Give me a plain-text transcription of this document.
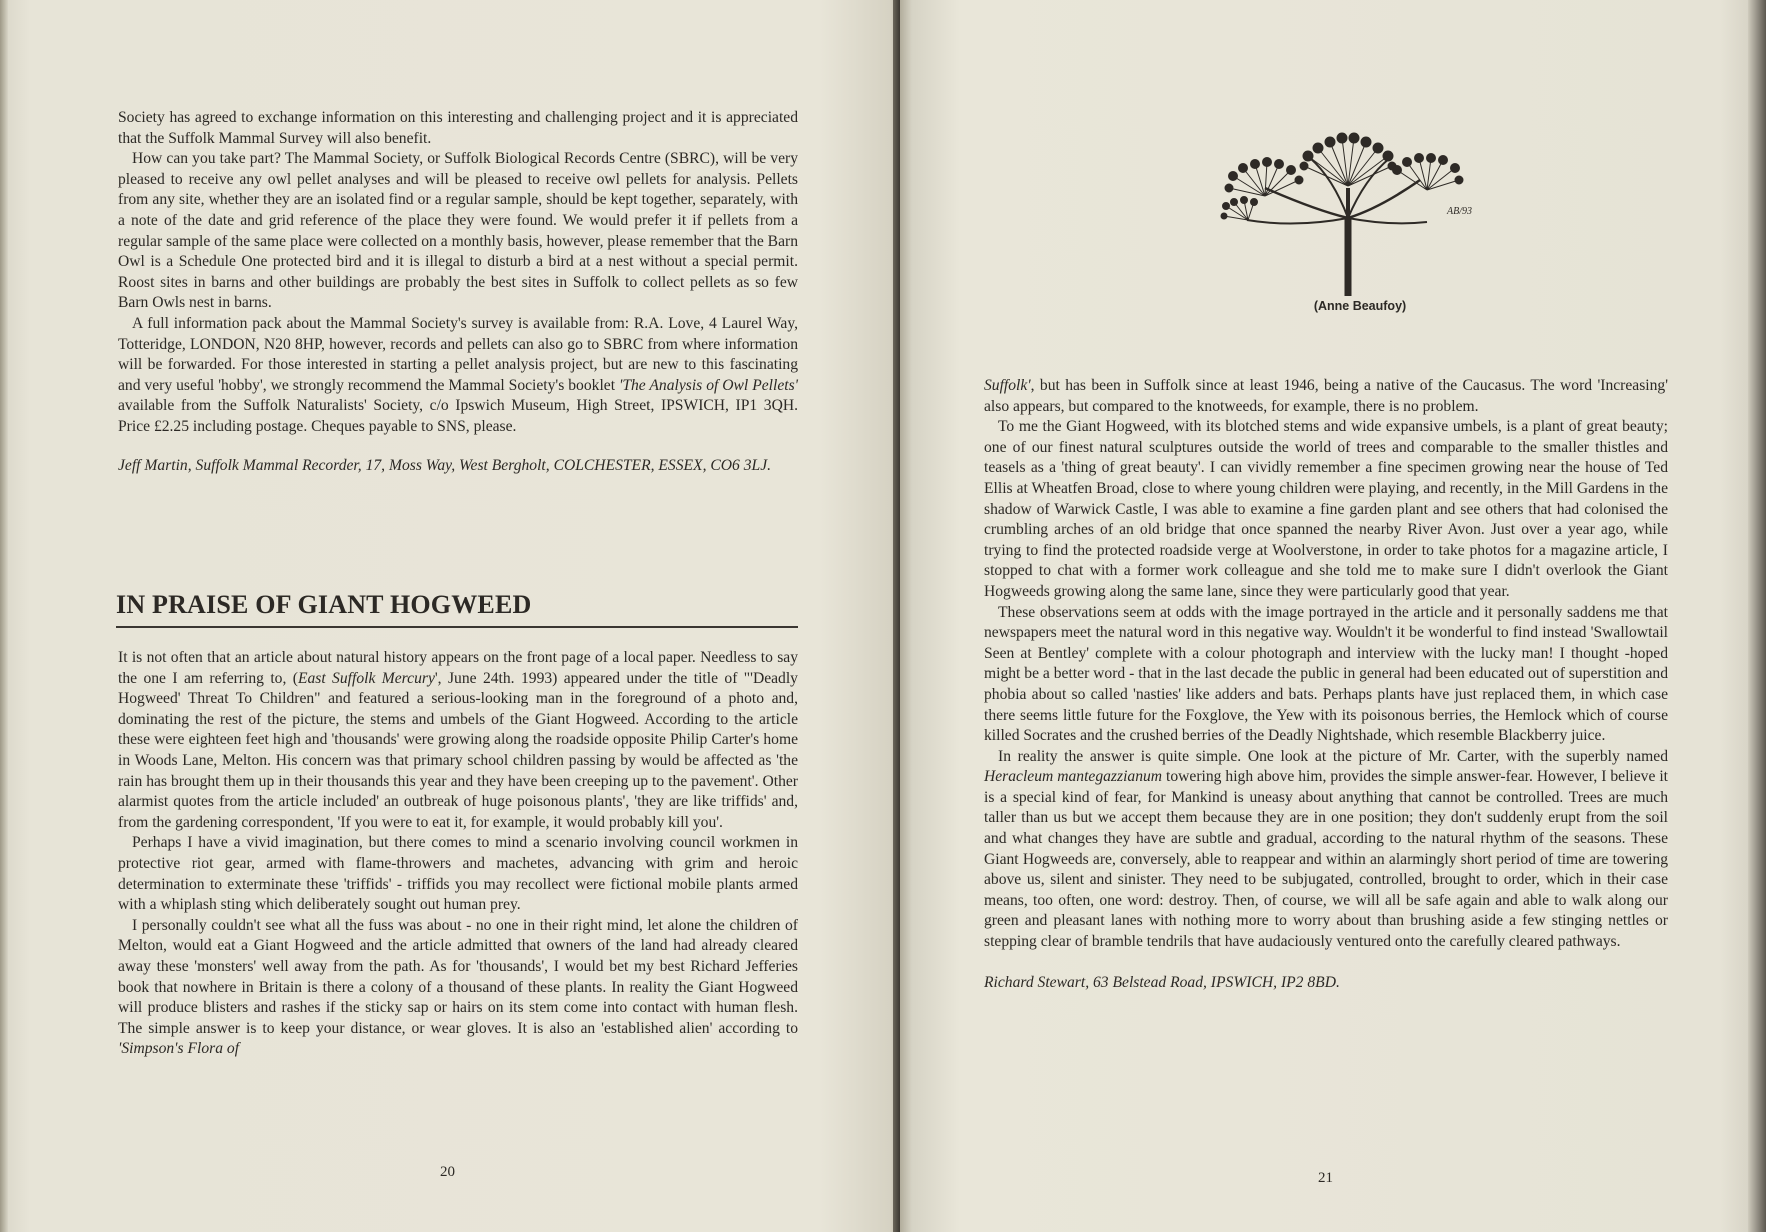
Society has agreed to exchange information on this interesting and challenging project and it is appreciated that the Suffolk Mammal Survey will also benefit.

How can you take part? The Mammal Society, or Suffolk Biological Records Centre (SBRC), will be very pleased to receive any owl pellet analyses and will be pleased to receive owl pellets for analysis. Pellets from any site, whether they are an isolated find or a regular sample, should be kept together, separately, with a note of the date and grid reference of the place they were found. We would prefer it if pellets from a regular sample of the same place were collected on a monthly basis, however, please remember that the Barn Owl is a Schedule One protected bird and it is illegal to disturb a bird at a nest without a special permit. Roost sites in barns and other buildings are probably the best sites in Suffolk to collect pellets as so few Barn Owls nest in barns.

A full information pack about the Mammal Society's survey is available from: R.A. Love, 4 Laurel Way, Totteridge, LONDON, N20 8HP, however, records and pellets can also go to SBRC from where information will be forwarded. For those interested in starting a pellet analysis project, but are new to this fascinating and very useful 'hobby', we strongly recommend the Mammal Society's booklet 'The Analysis of Owl Pellets' available from the Suffolk Naturalists' Society, c/o Ipswich Museum, High Street, IPSWICH, IP1 3QH. Price £2.25 including postage. Cheques payable to SNS, please.

Jeff Martin, Suffolk Mammal Recorder, 17, Moss Way, West Bergholt, COLCHESTER, ESSEX, CO6 3LJ.

IN PRAISE OF GIANT HOGWEED

It is not often that an article about natural history appears on the front page of a local paper. Needless to say the one I am referring to, (East Suffolk Mercury', June 24th. 1993) appeared under the title of "'Deadly Hogweed' Threat To Children" and featured a serious-looking man in the foreground of a photo and, dominating the rest of the picture, the stems and umbels of the Giant Hogweed. According to the article these were eighteen feet high and 'thousands' were growing along the roadside opposite Philip Carter's home in Woods Lane, Melton. His concern was that primary school children passing by would be affected as 'the rain has brought them up in their thousands this year and they have been creeping up to the pavement'. Other alarmist quotes from the article included' an outbreak of huge poisonous plants', 'they are like triffids' and, from the gardening correspondent, 'If you were to eat it, for example, it would probably kill you'.

Perhaps I have a vivid imagination, but there comes to mind a scenario involving council workmen in protective riot gear, armed with flame-throwers and machetes, advancing with grim and heroic determination to exterminate these 'triffids' - triffids you may recollect were fictional mobile plants armed with a whiplash sting which deliberately sought out human prey.

I personally couldn't see what all the fuss was about - no one in their right mind, let alone the children of Melton, would eat a Giant Hogweed and the article admitted that owners of the land had already cleared away these 'monsters' well away from the path. As for 'thousands', I would bet my best Richard Jefferies book that nowhere in Britain is there a colony of a thousand of these plants. In reality the Giant Hogweed will produce blisters and rashes if the sticky sap or hairs on its stem come into contact with human flesh. The simple answer is to keep your distance, or wear gloves. It is also an 'established alien' according to 'Simpson's Flora of

20
AB/93
(Anne Beaufoy)

Suffolk', but has been in Suffolk since at least 1946, being a native of the Caucasus. The word 'Increasing' also appears, but compared to the knotweeds, for example, there is no problem.

To me the Giant Hogweed, with its blotched stems and wide expansive umbels, is a plant of great beauty; one of our finest natural sculptures outside the world of trees and comparable to the smaller thistles and teasels as a 'thing of great beauty'. I can vividly remember a fine specimen growing near the house of Ted Ellis at Wheatfen Broad, close to where young children were playing, and recently, in the Mill Gardens in the shadow of Warwick Castle, I was able to examine a fine garden plant and see others that had colonised the crumbling arches of an old bridge that once spanned the nearby River Avon. Just over a year ago, while trying to find the protected roadside verge at Woolverstone, in order to take photos for a magazine article, I stopped to chat with a former work colleague and she told me to make sure I didn't overlook the Giant Hogweeds growing along the same lane, since they were particularly good that year.

These observations seem at odds with the image portrayed in the article and it personally saddens me that newspapers meet the natural word in this negative way. Wouldn't it be wonderful to find instead 'Swallowtail Seen at Bentley' complete with a colour photograph and interview with the lucky man! I thought -hoped might be a better word - that in the last decade the public in general had been educated out of superstition and phobia about so called 'nasties' like adders and bats. Perhaps plants have just replaced them, in which case there seems little future for the Foxglove, the Yew with its poisonous berries, the Hemlock which of course killed Socrates and the crushed berries of the Deadly Nightshade, which resemble Blackberry juice.

In reality the answer is quite simple. One look at the picture of Mr. Carter, with the superbly named Heracleum mantegazzianum towering high above him, provides the simple answer-fear. However, I believe it is a special kind of fear, for Mankind is uneasy about anything that cannot be controlled. Trees are much taller than us but we accept them because they are in one position; they don't suddenly erupt from the soil and what changes they have are subtle and gradual, according to the natural rhythm of the seasons. These Giant Hogweeds are, conversely, able to reappear and within an alarmingly short period of time are towering above us, silent and sinister. They need to be subjugated, controlled, brought to order, which in their case means, too often, one word: destroy. Then, of course, we will all be safe again and able to walk along our green and pleasant lanes with nothing more to worry about than brushing aside a few stinging nettles or stepping clear of bramble tendrils that have audaciously ventured onto the carefully cleared pathways.

Richard Stewart, 63 Belstead Road, IPSWICH, IP2 8BD.

21
